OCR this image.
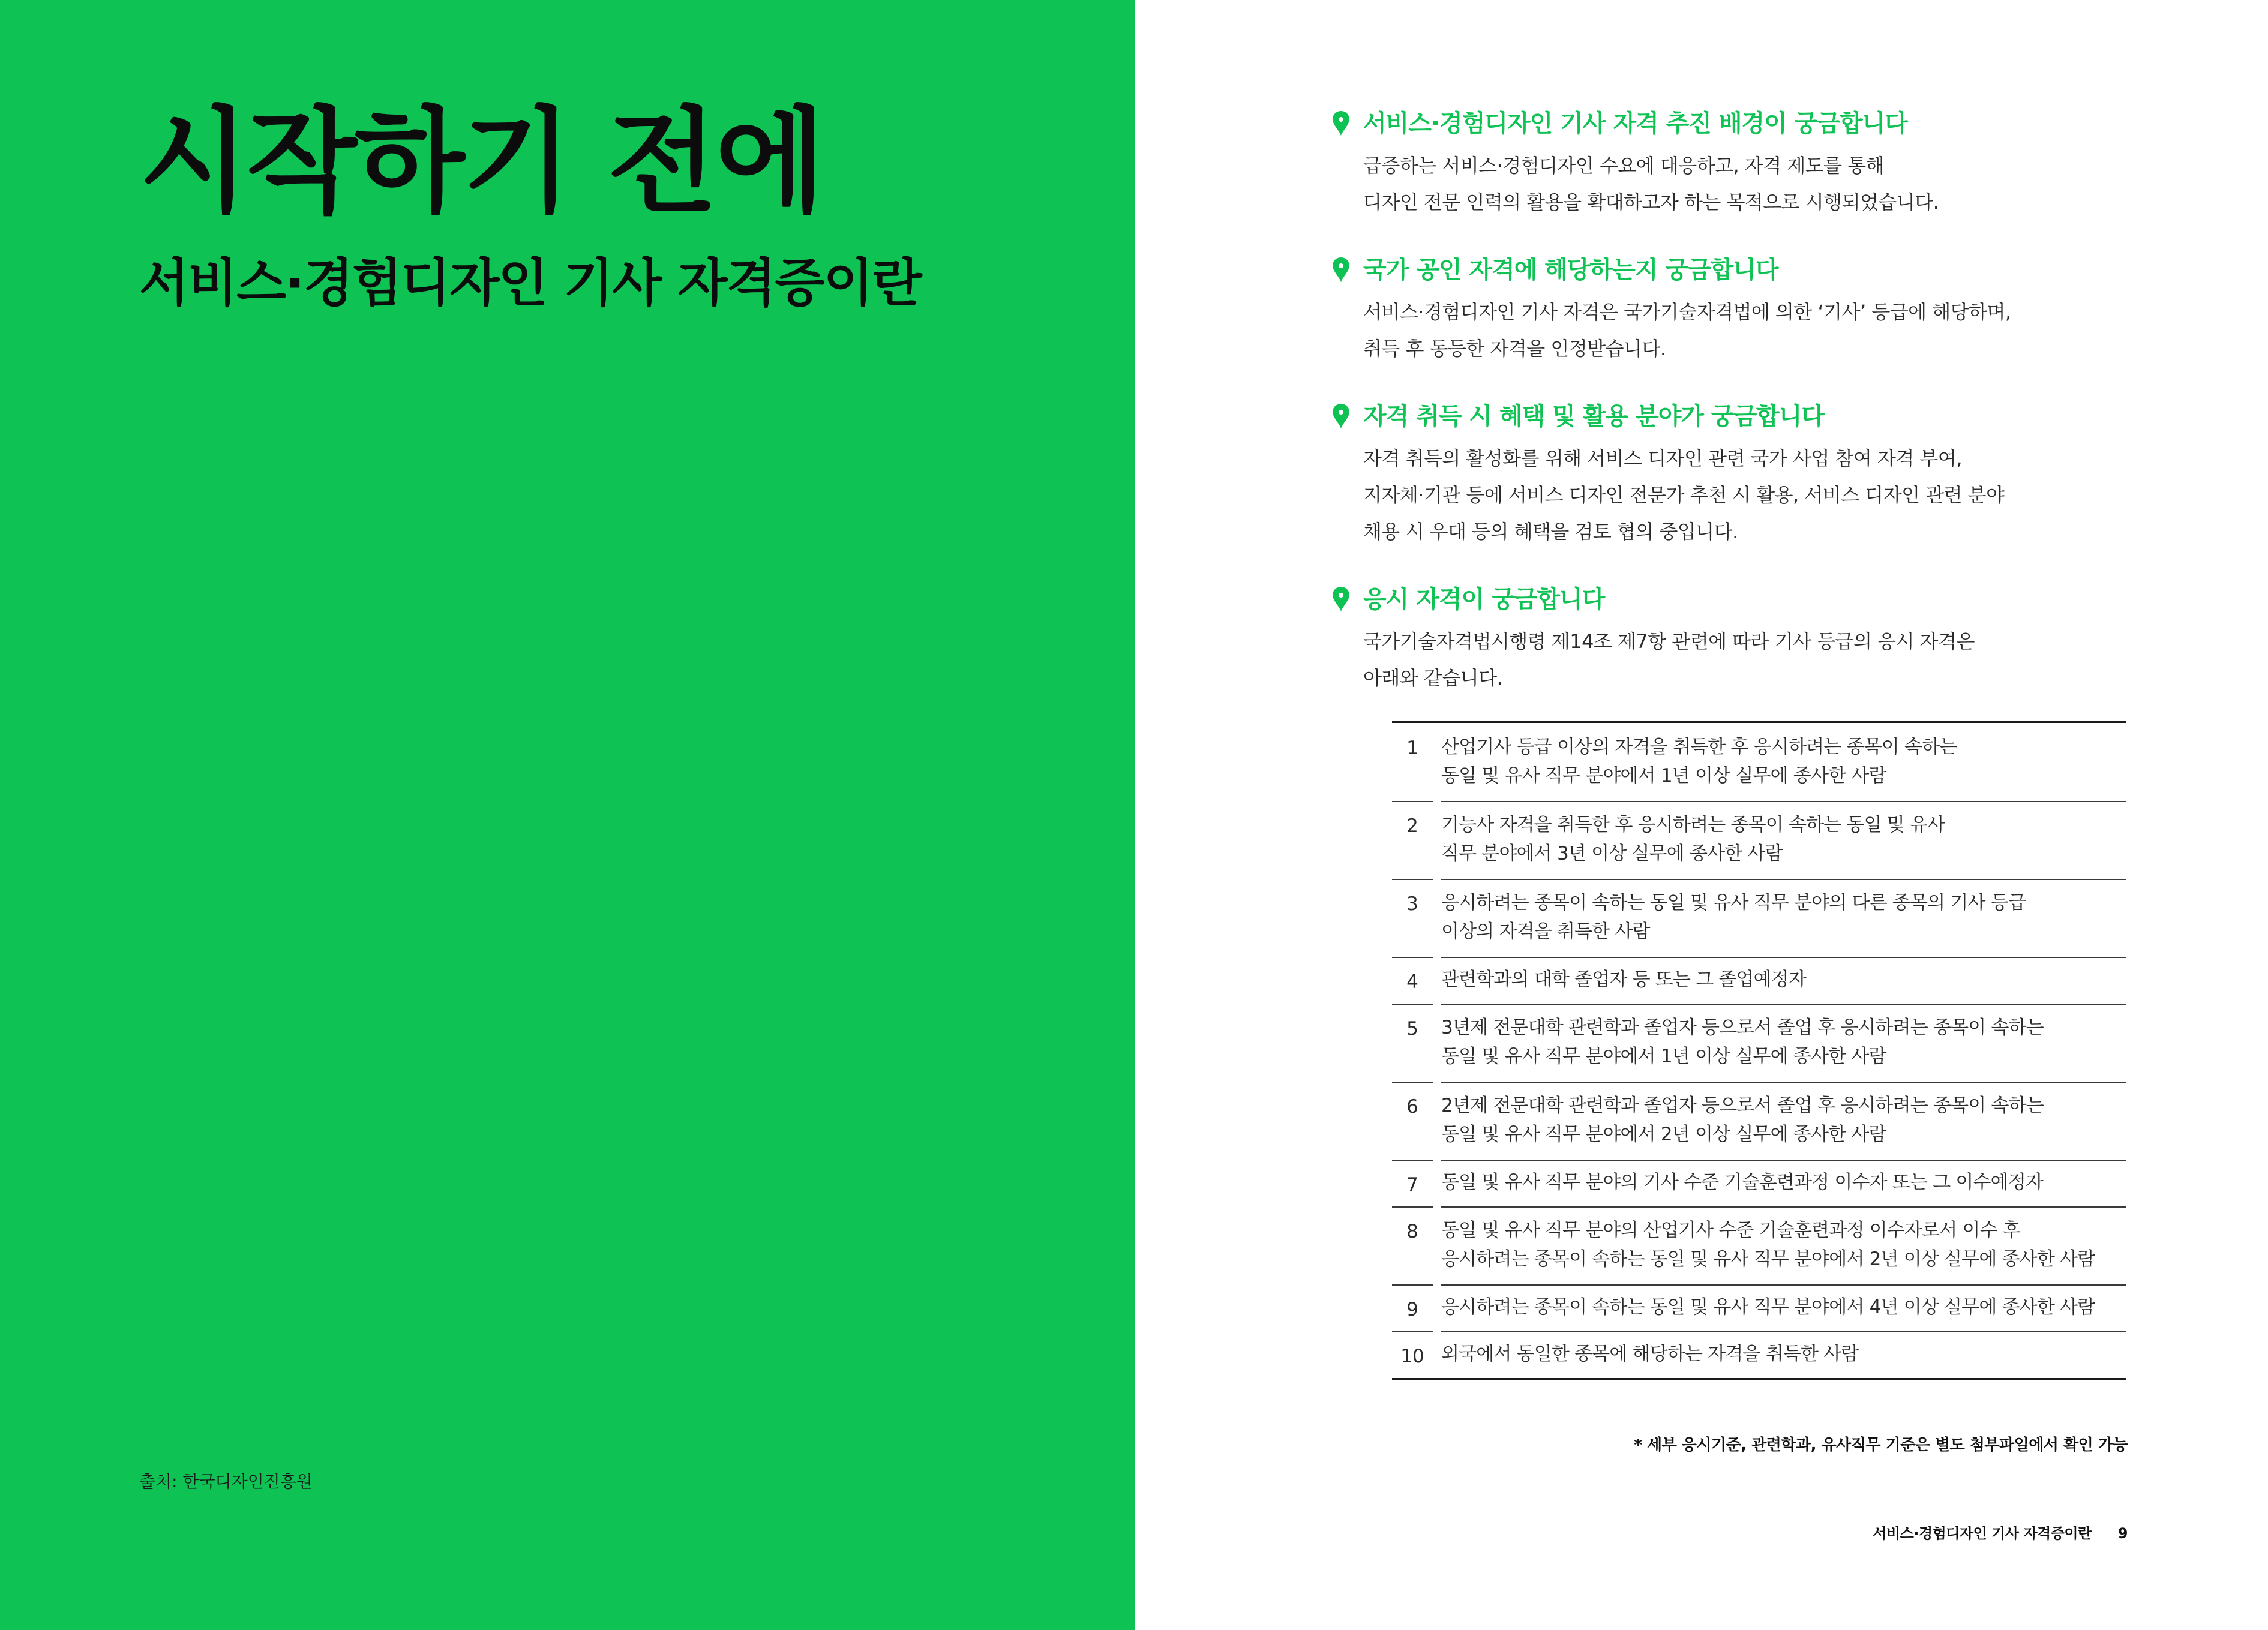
시작하기 전에
서비스·경험디자인 기사 자격증이란
출처: 한국디자인진흥원
서비스·경험디자인 기사 자격 추진 배경이 궁금합니다
급증하는 서비스·경험디자인 수요에 대응하고, 자격 제도를 통해
디자인 전문 인력의 활용을 확대하고자 하는 목적으로 시행되었습니다.
국가 공인 자격에 해당하는지 궁금합니다
서비스·경험디자인 기사 자격은 국가기술자격법에 의한 ‘기사’ 등급에 해당하며,
취득 후 동등한 자격을 인정받습니다.
자격 취득 시 혜택 및 활용 분야가 궁금합니다
자격 취득의 활성화를 위해 서비스 디자인 관련 국가 사업 참여 자격 부여,
지자체·기관 등에 서비스 디자인 전문가 추천 시 활용, 서비스 디자인 관련 분야
채용 시 우대 등의 혜택을 검토 협의 중입니다.
응시 자격이 궁금합니다
국가기술자격법시행령 제14조 제7항 관련에 따라 기사 등급의 응시 자격은
아래와 같습니다.
1	산업기사 등급 이상의 자격을 취득한 후 응시하려는 종목이 속하는
동일 및 유사 직무 분야에서 1년 이상 실무에 종사한 사람
2	기능사 자격을 취득한 후 응시하려는 종목이 속하는 동일 및 유사
직무 분야에서 3년 이상 실무에 종사한 사람
3	응시하려는 종목이 속하는 동일 및 유사 직무 분야의 다른 종목의 기사 등급
이상의 자격을 취득한 사람
4	관련학과의 대학 졸업자 등 또는 그 졸업예정자
5	3년제 전문대학 관련학과 졸업자 등으로서 졸업 후 응시하려는 종목이 속하는
동일 및 유사 직무 분야에서 1년 이상 실무에 종사한 사람
6	2년제 전문대학 관련학과 졸업자 등으로서 졸업 후 응시하려는 종목이 속하는
동일 및 유사 직무 분야에서 2년 이상 실무에 종사한 사람
7	동일 및 유사 직무 분야의 기사 수준 기술훈련과정 이수자 또는 그 이수예정자
8	동일 및 유사 직무 분야의 산업기사 수준 기술훈련과정 이수자로서 이수 후
응시하려는 종목이 속하는 동일 및 유사 직무 분야에서 2년 이상 실무에 종사한 사람
9	응시하려는 종목이 속하는 동일 및 유사 직무 분야에서 4년 이상 실무에 종사한 사람
10 외국에서 동일한 종목에 해당하는 자격을 취득한 사람
* 세부 응시기준, 관련학과, 유사직무 기준은 별도 첨부파일에서 확인 가능
서비스·경험디자인 기사 자격증이란 9
